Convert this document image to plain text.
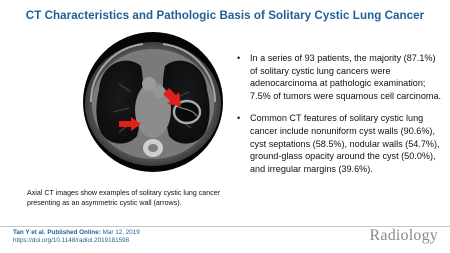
CT Characteristics and Pathologic Basis of Solitary Cystic Lung Cancer
Axial CT images show examples of solitary cystic lung cancer presenting as an asymmetric cystic wall (arrows).
• In a series of 93 patients, the majority (87.1%) of solitary cystic lung cancers were adenocarcinoma at pathologic examination; 7.5% of tumors were squamous cell carcinoma.
• Common CT features of solitary cystic lung cancer include nonuniform cyst walls (90.6%), cyst septations (58.5%), nodular walls (54.7%), ground-glass opacity around the cyst (50.0%), and irregular margins (39.6%).
Tan Y et al. Published Online: Mar 12, 2019
https://doi.org/10.1148/radiol.2019181598	Radiology
